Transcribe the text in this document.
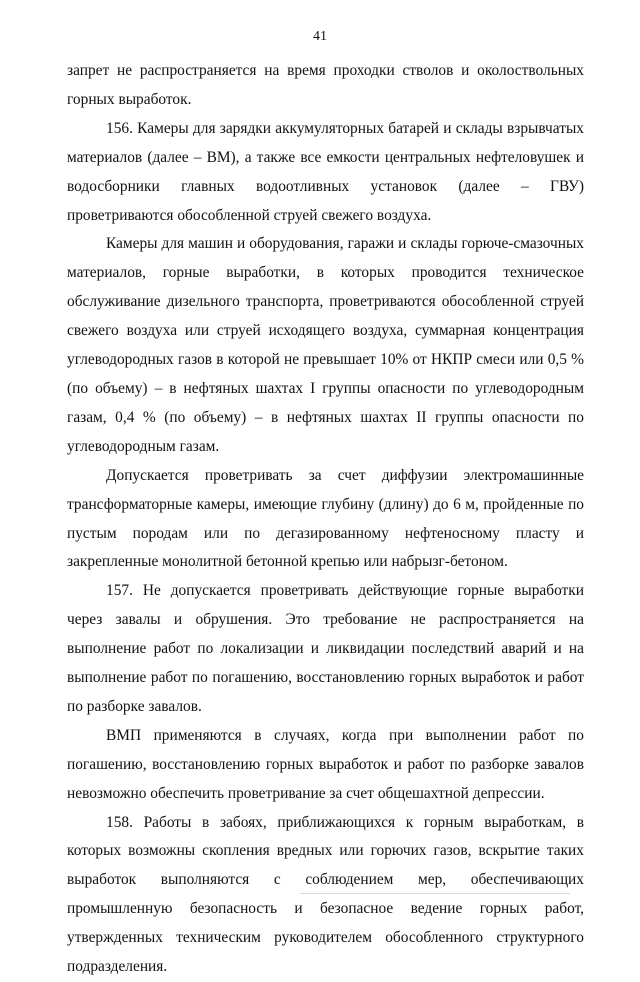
41

запрет не распространяется на время проходки стволов и околоствольных горных выработок.

156. Камеры для зарядки аккумуляторных батарей и склады взрывчатых материалов (далее – ВМ), а также все емкости центральных нефтеловушек и водосборники главных водоотливных установок (далее – ГВУ) проветриваются обособленной струей свежего воздуха.

Камеры для машин и оборудования, гаражи и склады горюче-смазочных материалов, горные выработки, в которых проводится техническое обслуживание дизельного транспорта, проветриваются обособленной струей свежего воздуха или струей исходящего воздуха, суммарная концентрация углеводородных газов в которой не превышает 10% от НКПР смеси или 0,5 % (по объему) – в нефтяных шахтах I группы опасности по углеводородным газам, 0,4 % (по объему) – в нефтяных шахтах II группы опасности по углеводородным газам.

Допускается проветривать за счет диффузии электромашинные трансформаторные камеры, имеющие глубину (длину) до 6 м, пройденные по пустым породам или по дегазированному нефтеносному пласту и закрепленные монолитной бетонной крепью или набрызг-бетоном.

157. Не допускается проветривать действующие горные выработки через завалы и обрушения. Это требование не распространяется на выполнение работ по локализации и ликвидации последствий аварий и на выполнение работ по погашению, восстановлению горных выработок и работ по разборке завалов.

ВМП применяются в случаях, когда при выполнении работ по погашению, восстановлению горных выработок и работ по разборке завалов невозможно обеспечить проветривание за счет общешахтной депрессии.

158. Работы в забоях, приближающихся к горным выработкам, в которых возможны скопления вредных или горючих газов, вскрытие таких выработок выполняются с соблюдением мер, обеспечивающих промышленную безопасность и безопасное ведение горных работ, утвержденных техническим руководителем обособленного структурного подразделения.
